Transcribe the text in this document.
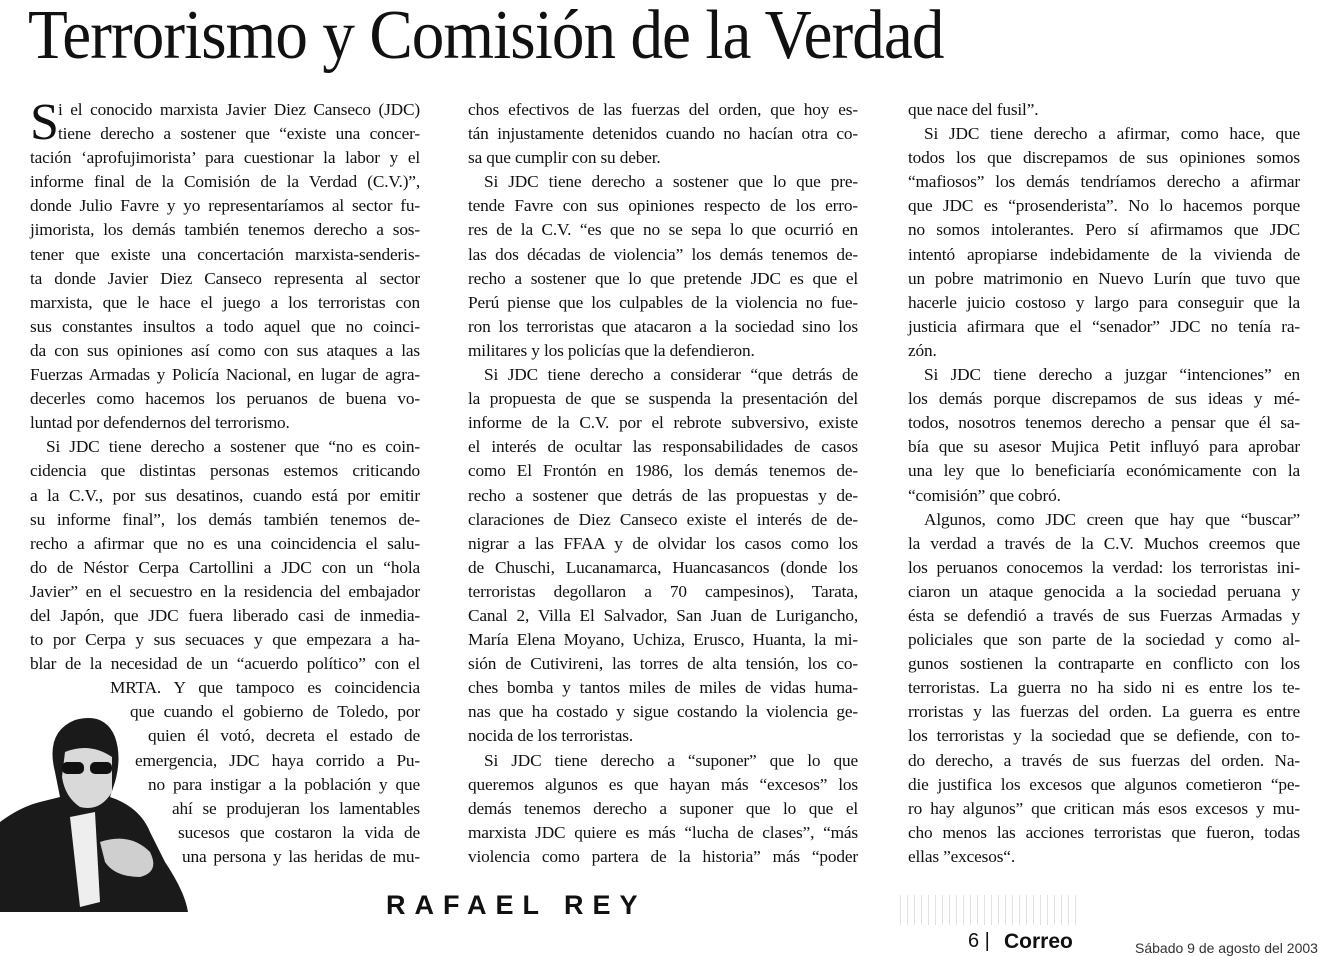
Terrorismo y Comisión de la Verdad
S i el conocido marxista Javier Diez Canseco (JDC)
tiene derecho a sostener que “existe una concer-
tación ‘aprofujimorista’ para cuestionar la labor y el
informe final de la Comisión de la Verdad (C.V.)”,
donde Julio Favre y yo representaríamos al sector fu-
jimorista, los demás también tenemos derecho a sos-
tener que existe una concertación marxista-senderis-
ta donde Javier Diez Canseco representa al sector
marxista, que le hace el juego a los terroristas con
sus constantes insultos a todo aquel que no coinci-
da con sus opiniones así como con sus ataques a las
Fuerzas Armadas y Policía Nacional, en lugar de agra-
decerles como hacemos los peruanos de buena vo-
luntad por defendernos del terrorismo.
Si JDC tiene derecho a sostener que “no es coin-
cidencia que distintas personas estemos criticando
a la C.V., por sus desatinos, cuando está por emitir
su informe final”, los demás también tenemos de-
recho a afirmar que no es una coincidencia el salu-
do de Néstor Cerpa Cartollini a JDC con un “hola
Javier” en el secuestro en la residencia del embajador
del Japón, que JDC fuera liberado casi de inmedia-
to por Cerpa y sus secuaces y que empezara a ha-
blar de la necesidad de un “acuerdo político” con el
MRTA. Y que tampoco es coincidencia
que cuando el gobierno de Toledo, por
quien él votó, decreta el estado de
emergencia, JDC haya corrido a Pu-
no para instigar a la población y que
ahí se produjeran los lamentables
sucesos que costaron la vida de
una persona y las heridas de mu-
chos efectivos de las fuerzas del orden, que hoy es-
tán injustamente detenidos cuando no hacían otra co-
sa que cumplir con su deber.
Si JDC tiene derecho a sostener que lo que pre-
tende Favre con sus opiniones respecto de los erro-
res de la C.V. “es que no se sepa lo que ocurrió en
las dos décadas de violencia” los demás tenemos de-
recho a sostener que lo que pretende JDC es que el
Perú piense que los culpables de la violencia no fue-
ron los terroristas que atacaron a la sociedad sino los
militares y los policías que la defendieron.
Si JDC tiene derecho a considerar “que detrás de
la propuesta de que se suspenda la presentación del
informe de la C.V. por el rebrote subversivo, existe
el interés de ocultar las responsabilidades de casos
como El Frontón en 1986, los demás tenemos de-
recho a sostener que detrás de las propuestas y de-
claraciones de Diez Canseco existe el interés de de-
nigrar a las FFAA y de olvidar los casos como los
de Chuschi, Lucanamarca, Huancasancos (donde los
terroristas degollaron a 70 campesinos), Tarata,
Canal 2, Villa El Salvador, San Juan de Lurigancho,
María Elena Moyano, Uchiza, Erusco, Huanta, la mi-
sión de Cutivireni, las torres de alta tensión, los co-
ches bomba y tantos miles de miles de vidas huma-
nas que ha costado y sigue costando la violencia ge-
nocida de los terroristas.
Si JDC tiene derecho a “suponer” que lo que
queremos algunos es que hayan más “excesos” los
demás tenemos derecho a suponer que lo que el
marxista JDC quiere es más “lucha de clases”, “más
violencia como partera de la historia” más “poder
que nace del fusil”.
Si JDC tiene derecho a afirmar, como hace, que
todos los que discrepamos de sus opiniones somos
“mafiosos” los demás tendríamos derecho a afirmar
que JDC es “prosenderista”. No lo hacemos porque
no somos intolerantes. Pero sí afirmamos que JDC
intentó apropiarse indebidamente de la vivienda de
un pobre matrimonio en Nuevo Lurín que tuvo que
hacerle juicio costoso y largo para conseguir que la
justicia afirmara que el “senador” JDC no tenía ra-
zón.
Si JDC tiene derecho a juzgar “intenciones” en
los demás porque discrepamos de sus ideas y mé-
todos, nosotros tenemos derecho a pensar que él sa-
bía que su asesor Mujica Petit influyó para aprobar
una ley que lo beneficiaría económicamente con la
“comisión” que cobró.
Algunos, como JDC creen que hay que “buscar”
la verdad a través de la C.V. Muchos creemos que
los peruanos conocemos la verdad: los terroristas ini-
ciaron un ataque genocida a la sociedad peruana y
ésta se defendió a través de sus Fuerzas Armadas y
policiales que son parte de la sociedad y como al-
gunos sostienen la contraparte en conflicto con los
terroristas. La guerra no ha sido ni es entre los te-
rroristas y las fuerzas del orden. La guerra es entre
los terroristas y la sociedad que se defiende, con to-
do derecho, a través de sus fuerzas del orden. Na-
die justifica los excesos que algunos cometieron “pe-
ro hay algunos” que critican más esos excesos y mu-
cho menos las acciones terroristas que fueron, todas
ellas ”excesos“.
RAFAEL REY
6 | Correo	Sábado 9 de agosto del 2003
